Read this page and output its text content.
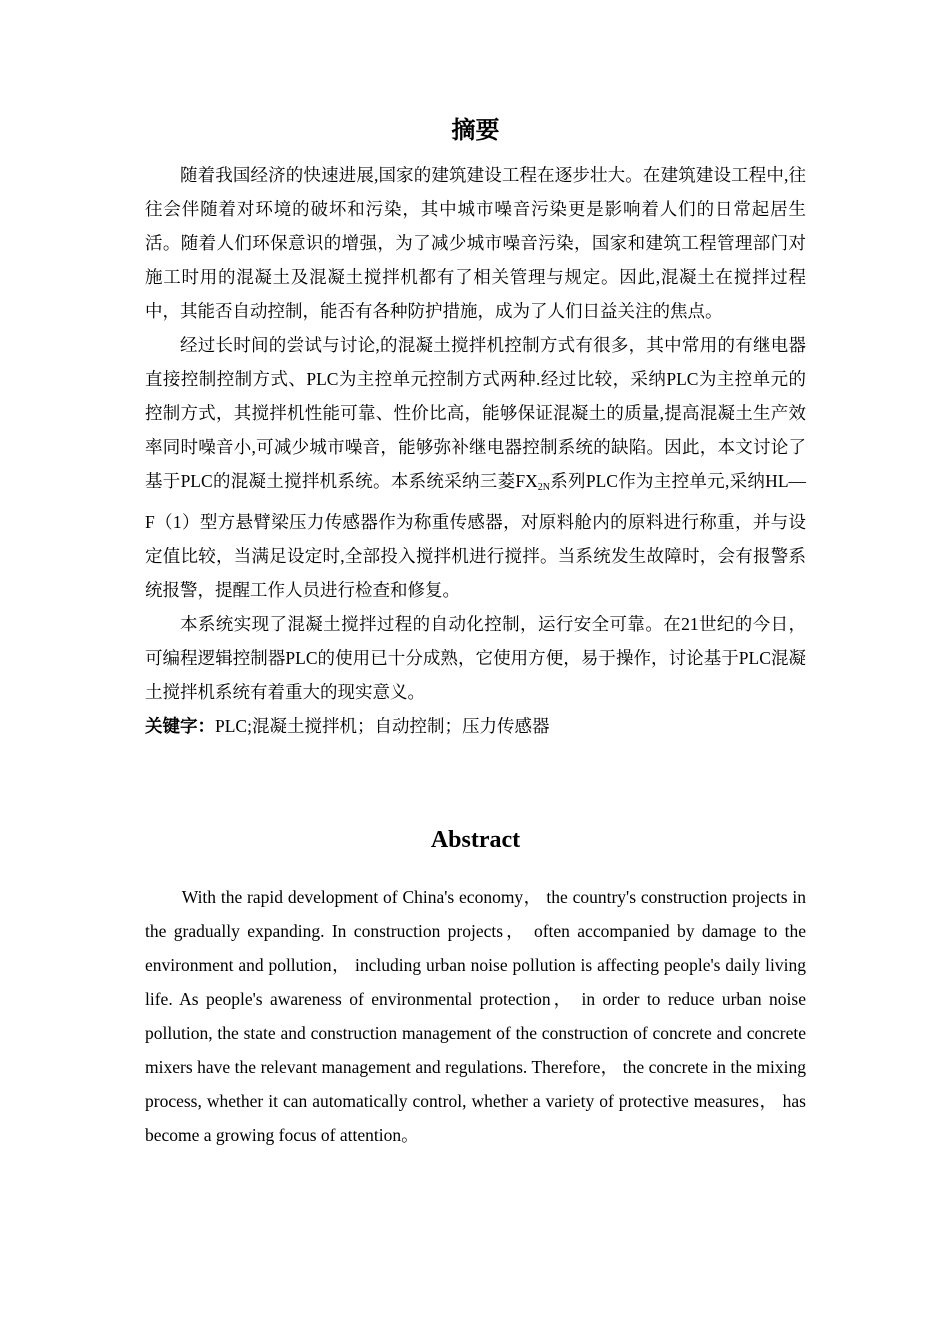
摘要

随着我国经济的快速进展,国家的建筑建设工程在逐步壮大。在建筑建设工程中,往往会伴随着对环境的破坏和污染，其中城市噪音污染更是影响着人们的日常起居生活。随着人们环保意识的增强，为了减少城市噪音污染，国家和建筑工程管理部门对施工时用的混凝土及混凝土搅拌机都有了相关管理与规定。因此,混凝土在搅拌过程中，其能否自动控制，能否有各种防护措施，成为了人们日益关注的焦点。

经过长时间的尝试与讨论,的混凝土搅拌机控制方式有很多，其中常用的有继电器直接控制控制方式、PLC为主控单元控制方式两种.经过比较，采纳PLC为主控单元的控制方式，其搅拌机性能可靠、性价比高，能够保证混凝土的质量,提高混凝土生产效率同时噪音小,可减少城市噪音，能够弥补继电器控制系统的缺陷。因此，本文讨论了基于PLC的混凝土搅拌机系统。本系统采纳三菱$FX_{2N}$系列PLC作为主控单元,采纳HL—F（1）型方悬臂梁压力传感器作为称重传感器，对原料舱内的原料进行称重，并与设定值比较，当满足设定时,全部投入搅拌机进行搅拌。当系统发生故障时，会有报警系统报警，提醒工作人员进行检查和修复。

本系统实现了混凝土搅拌过程的自动化控制，运行安全可靠。在21世纪的今日，可编程逻辑控制器PLC的使用已十分成熟，它使用方便，易于操作，讨论基于PLC混凝土搅拌机系统有着重大的现实意义。

关键字：PLC;混凝土搅拌机；自动控制；压力传感器

Abstract

With the rapid development of China's economy， the country's construction projects in the gradually expanding. In construction projects， often accompanied by damage to the environment and pollution， including urban noise pollution is affecting people's daily living life. As people's awareness of environmental protection， in order to reduce urban noise pollution, the state and construction management of the construction of concrete and concrete mixers have the relevant management and regulations. Therefore， the concrete in the mixing process, whether it can automatically control, whether a variety of protective measures， has become a growing focus of attention。
